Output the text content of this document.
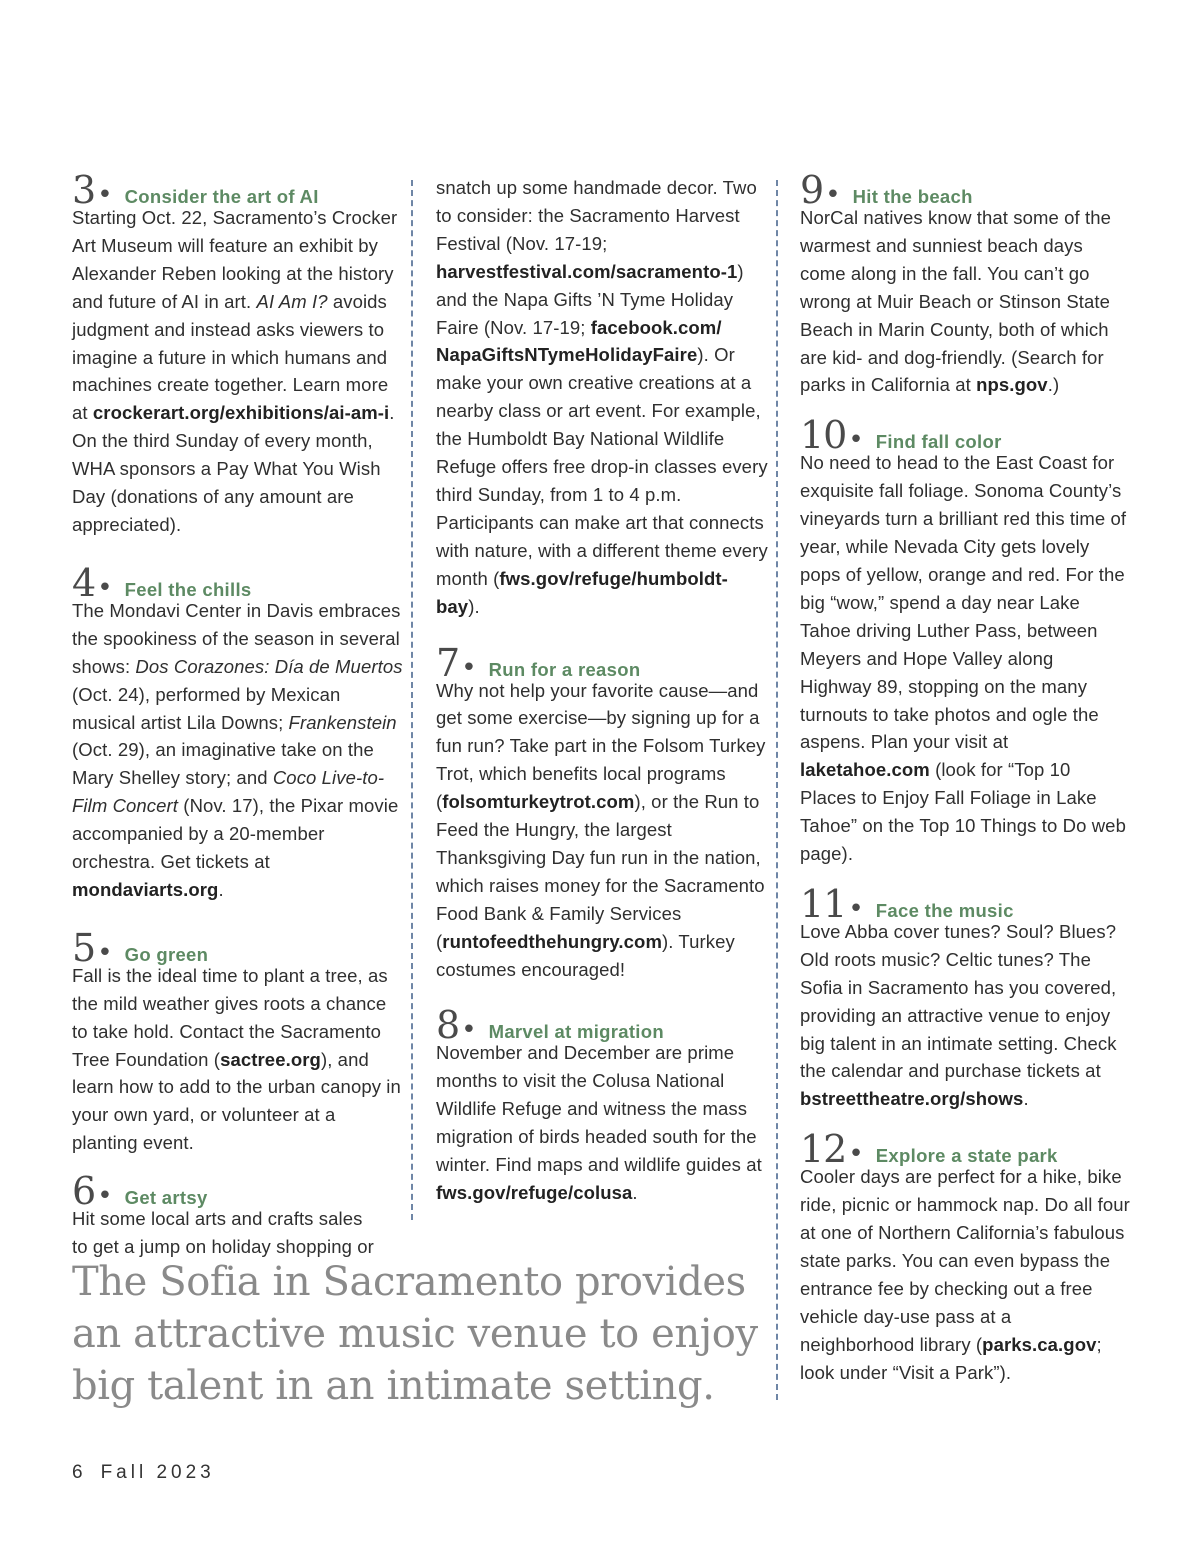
3 • Consider the art of AI
Starting Oct. 22, Sacramento’s Crocker Art Museum will feature an exhibit by Alexander Reben looking at the history and future of AI in art. AI Am I? avoids judgment and instead asks viewers to imagine a future in which humans and machines create together. Learn more at crockerart.org/exhibitions/ai-am-i. On the third Sunday of every month, WHA sponsors a Pay What You Wish Day (donations of any amount are appreciated).
4 • Feel the chills
The Mondavi Center in Davis embraces the spookiness of the season in several shows: Dos Corazones: Día de Muertos (Oct. 24), performed by Mexican musical artist Lila Downs; Frankenstein (Oct. 29), an imaginative take on the Mary Shelley story; and Coco Live-to-Film Concert (Nov. 17), the Pixar movie accompanied by a 20-member orchestra. Get tickets at mondaviarts.org.
5 • Go green
Fall is the ideal time to plant a tree, as the mild weather gives roots a chance to take hold. Contact the Sacramento Tree Foundation (sactree.org), and learn how to add to the urban canopy in your own yard, or volunteer at a planting event.
6 • Get artsy
Hit some local arts and crafts sales
to get a jump on holiday shopping or
snatch up some handmade decor. Two to consider: the Sacramento Harvest Festival (Nov. 17-19; harvestfestival.com/sacramento-1) and the Napa Gifts ’N Tyme Holiday Faire (Nov. 17-19; facebook.com/ NapaGiftsNTymeHolidayFaire). Or make your own creative creations at a nearby class or art event. For example, the Humboldt Bay National Wildlife Refuge offers free drop-in classes every third Sunday, from 1 to 4 p.m. Participants can make art that connects with nature, with a different theme every month (fws.gov/refuge/humboldt-bay).
7 • Run for a reason
Why not help your favorite cause—and get some exercise—by signing up for a fun run? Take part in the Folsom Turkey Trot, which benefits local programs (folsomturkeytrot.com), or the Run to Feed the Hungry, the largest Thanksgiving Day fun run in the nation, which raises money for the Sacramento Food Bank & Family Services (runtofeedthehungry.com). Turkey costumes encouraged!
8 • Marvel at migration
November and December are prime months to visit the Colusa National Wildlife Refuge and witness the mass migration of birds headed south for the winter. Find maps and wildlife guides at fws.gov/refuge/colusa.
9 • Hit the beach
NorCal natives know that some of the warmest and sunniest beach days come along in the fall. You can’t go wrong at Muir Beach or Stinson State Beach in Marin County, both of which are kid- and dog-friendly. (Search for parks in California at nps.gov.)
10 • Find fall color
No need to head to the East Coast for exquisite fall foliage. Sonoma County’s vineyards turn a brilliant red this time of year, while Nevada City gets lovely pops of yellow, orange and red. For the big “wow,” spend a day near Lake Tahoe driving Luther Pass, between Meyers and Hope Valley along Highway 89, stopping on the many turnouts to take photos and ogle the aspens. Plan your visit at laketahoe.com (look for “Top 10 Places to Enjoy Fall Foliage in Lake Tahoe” on the Top 10 Things to Do web page).
11 • Face the music
Love Abba cover tunes? Soul? Blues? Old roots music? Celtic tunes? The Sofia in Sacramento has you covered, providing an attractive venue to enjoy big talent in an intimate setting. Check the calendar and purchase tickets at bstreettheatre.org/shows.
12 • Explore a state park
Cooler days are perfect for a hike, bike ride, picnic or hammock nap. Do all four at one of Northern California’s fabulous state parks. You can even bypass the entrance fee by checking out a free vehicle day-use pass at a neighborhood library (parks.ca.gov; look under “Visit a Park”).
The Sofia in Sacramento provides an attractive music venue to enjoy big talent in an intimate setting.
6 Fall 2023
